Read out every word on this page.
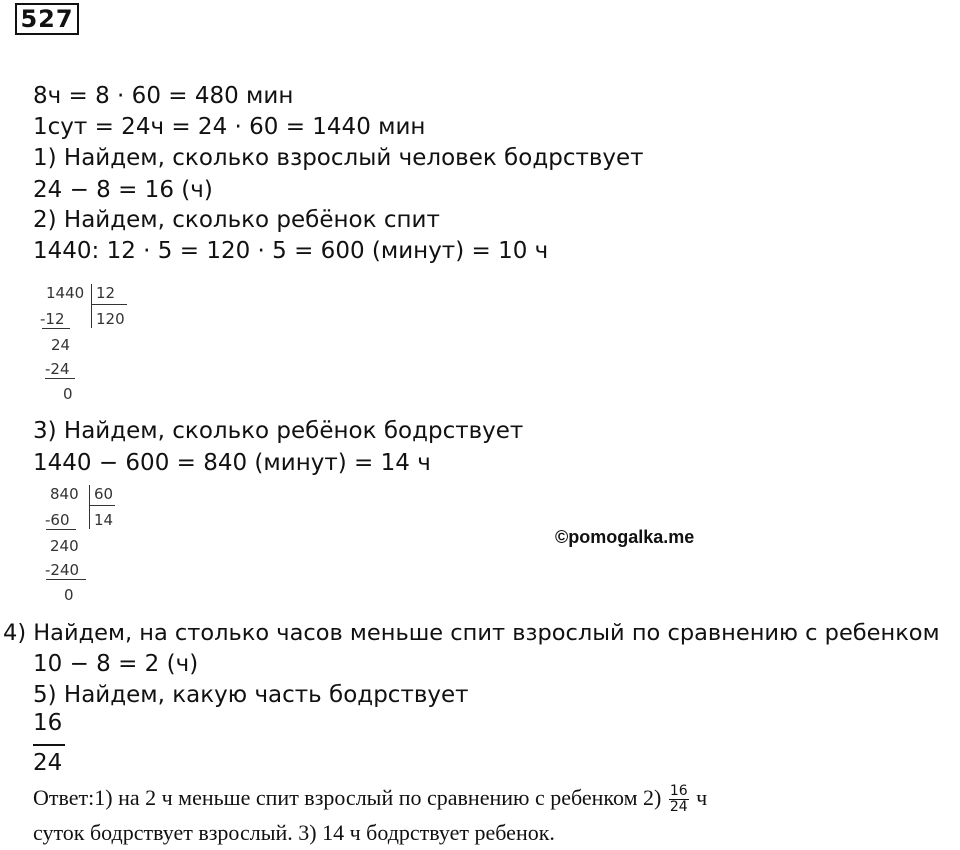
527
8ч = 8 · 60 = 480 мин
1сут = 24ч = 24 · 60 = 1440 мин
1) Найдем, сколько взрослый человек бодрствует
24 − 8 = 16 (ч)
2) Найдем, сколько ребёнок спит
1440: 12 · 5 = 120 · 5 = 600 (минут) = 10 ч
1440 12
120
-12
24
-24
0
3) Найдем, сколько ребёнок бодрствует
1440 − 600 = 840 (минут) = 14 ч
840 60
14
-60
240
-240
0
©pomogalka.me
4) Найдем, на столько часов меньше спит взрослый по сравнению с ребенком
10 − 8 = 2 (ч)
5) Найдем, какую часть бодрствует
16
24
Ответ:1) на 2 ч меньше спит взрослый по сравнению с ребенком $2) \frac{16}{24}$ ч
суток бодрствует взрослый. 3) 14 ч бодрствует ребенок.
